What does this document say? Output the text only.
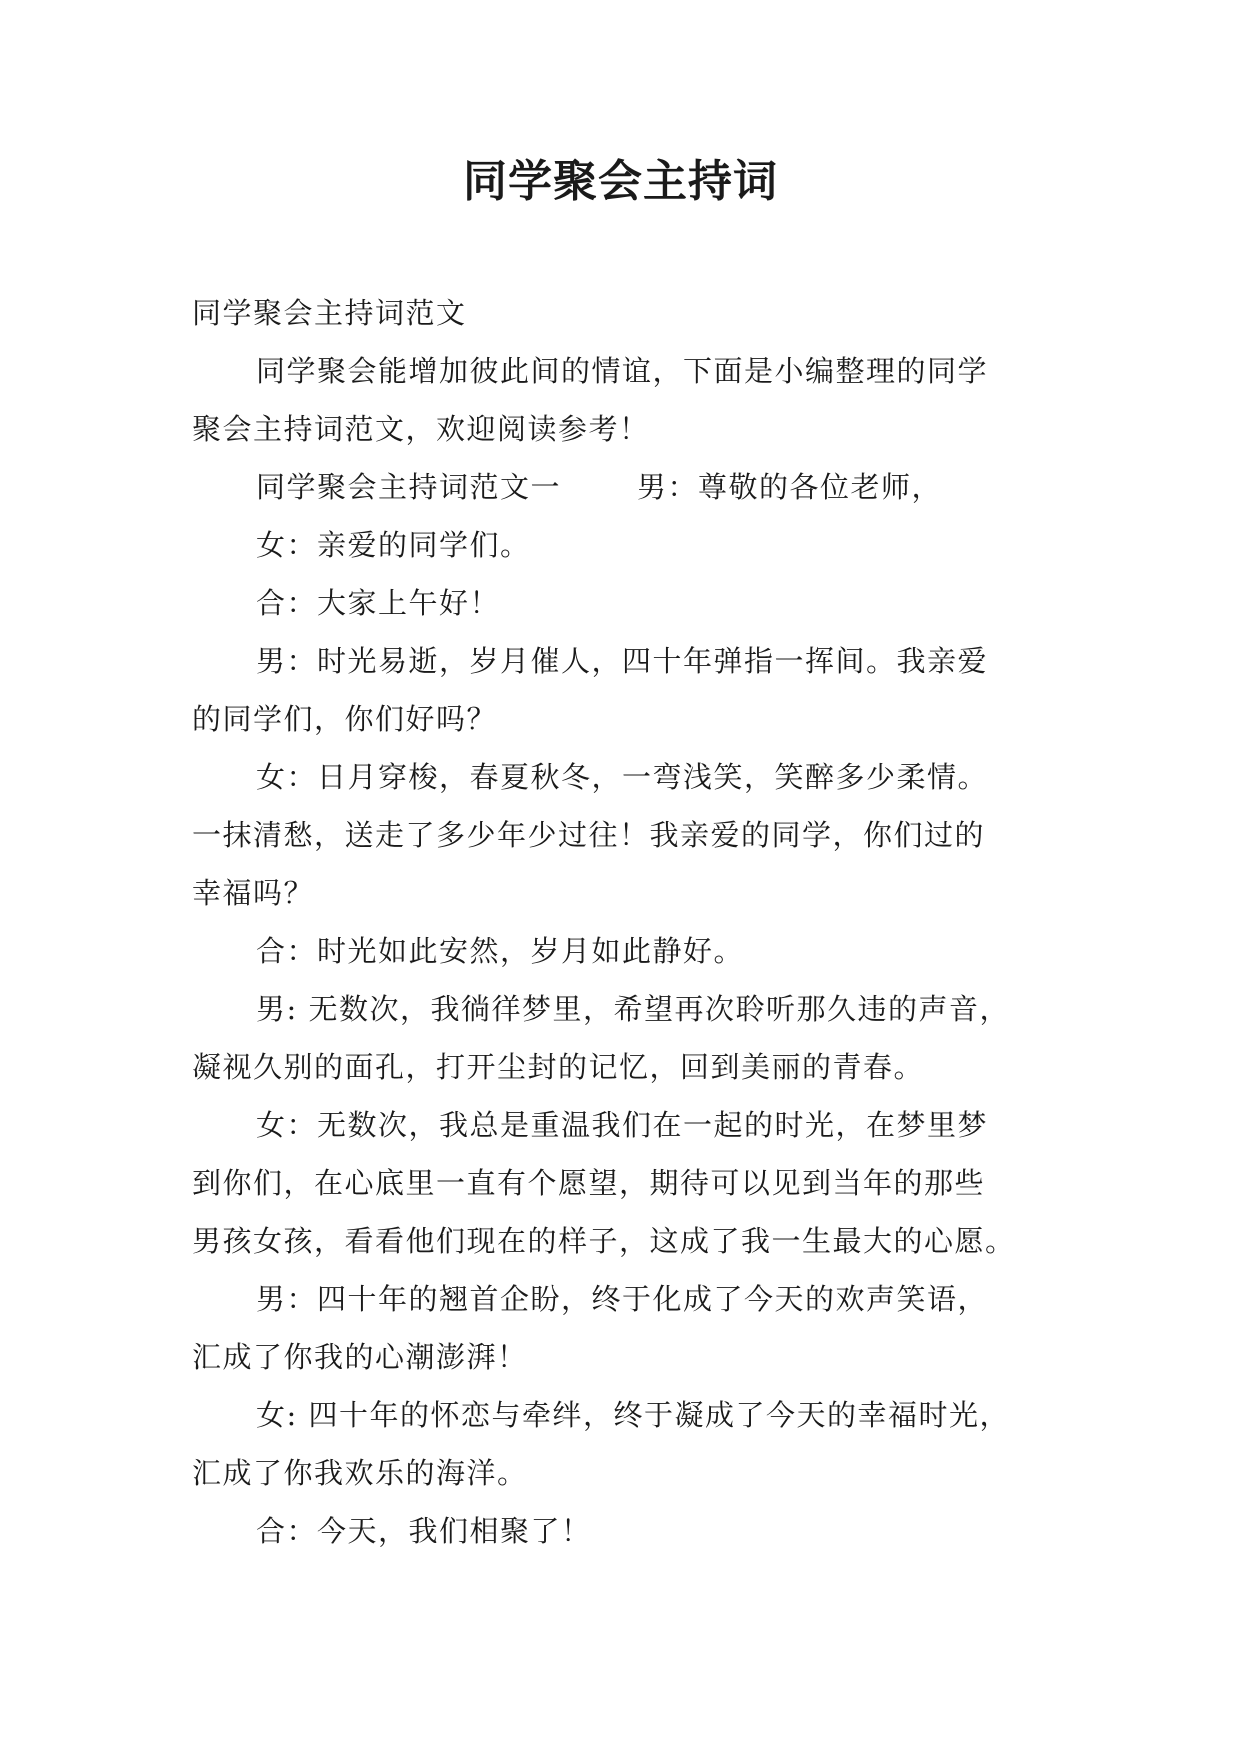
同学聚会主持词

同学聚会主持词范文

同学聚会能增加彼此间的情谊，下面是小编整理的同学

聚会主持词范文，欢迎阅读参考！

同学聚会主持词范文一	男：尊敬的各位老师，

女：亲爱的同学们。

合：大家上午好！

男：时光易逝，岁月催人，四十年弹指一挥间。我亲爱

的同学们，你们好吗？

女：日月穿梭，春夏秋冬，一弯浅笑，笑醉多少柔情。

一抹清愁，送走了多少年少过往！我亲爱的同学，你们过的

幸福吗？

合：时光如此安然，岁月如此静好。

男: 无数次，我徜徉梦里，希望再次聆听那久违的声音，

凝视久别的面孔，打开尘封的记忆，回到美丽的青春。

女：无数次，我总是重温我们在一起的时光，在梦里梦

到你们，在心底里一直有个愿望，期待可以见到当年的那些

男孩女孩，看看他们现在的样子，这成了我一生最大的心愿。

男：四十年的翘首企盼，终于化成了今天的欢声笑语，

汇成了你我的心潮澎湃！

女: 四十年的怀恋与牵绊，终于凝成了今天的幸福时光，

汇成了你我欢乐的海洋。

合：今天，我们相聚了！
